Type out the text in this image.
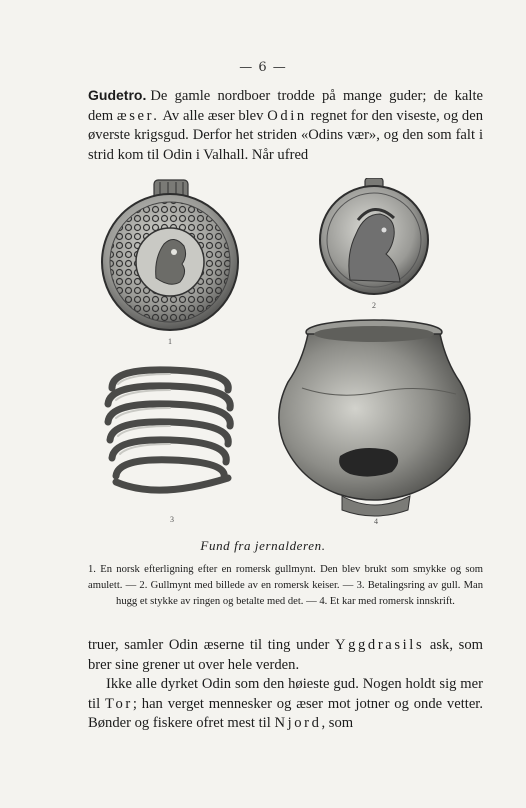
— 6 —

Gudetro. De gamle nordboer trodde på mange guder; de kalte dem æser. Av alle æser blev Odin regnet for den viseste, og den øverste krigsgud. Derfor het striden «Odins vær», og den som falt i strid kom til Odin i Valhall. Når ufred

2
1
3	4
Fund fra jernalderen.

1. En norsk efterligning efter en romersk gullmynt. Den blev brukt som smykke og som amulett. — 2. Gullmynt med billede av en romersk keiser. — 3. Betalingsring av gull. Man hugg et stykke av ringen og betalte med det. — 4. Et kar med romersk innskrift.

truer, samler Odin æserne til ting under Yggdrasils ask, som brer sine grener ut over hele verden.

Ikke alle dyrket Odin som den høieste gud. Nogen holdt sig mer til Tor; han verget mennesker og æser mot jotner og onde vetter. Bønder og fiskere ofret mest til Njord, som
